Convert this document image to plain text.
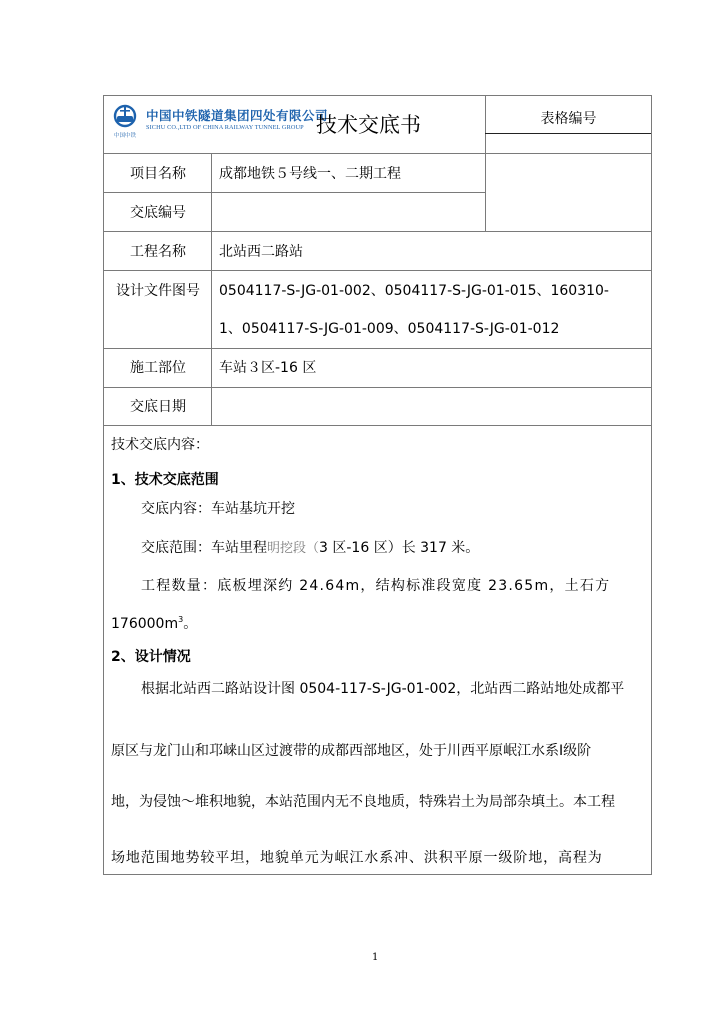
中国中铁
中国中铁隧道集团四处有限公司
SICHU CO.,LTD OF CHINA RAILWAY TUNNEL GROUP 技术交底书	表格编号
项目名称	成都地铁５号线一、二期工程
交底编号
工程名称	北站西二路站
设计文件图号	0504117-S-JG-01-002、0504117-S-JG-01-015、160310-
1、0504117-S-JG-01-009、0504117-S-JG-01-012
施工部位	车站３区-16 区
交底日期
技术交底内容：
1、技术交底范围
交底内容：车站基坑开挖
交底范围：车站里程明挖段（3 区-16 区）长 317 米。
工程数量：底板埋深约 24.64m，结构标准段宽度 23.65m，土石方
$176000m^3$。
2、设计情况
根据北站西二路站设计图 0504-117-S-JG-01-002，北站西二路站地处成都平
原区与龙门山和邛崃山区过渡带的成都西部地区，处于川西平原岷江水系Ⅰ级阶
地，为侵蚀～堆积地貌，本站范围内无不良地质，特殊岩土为局部杂填土。本工程
场地范围地势较平坦，地貌单元为岷江水系冲、洪积平原一级阶地，高程为
1
